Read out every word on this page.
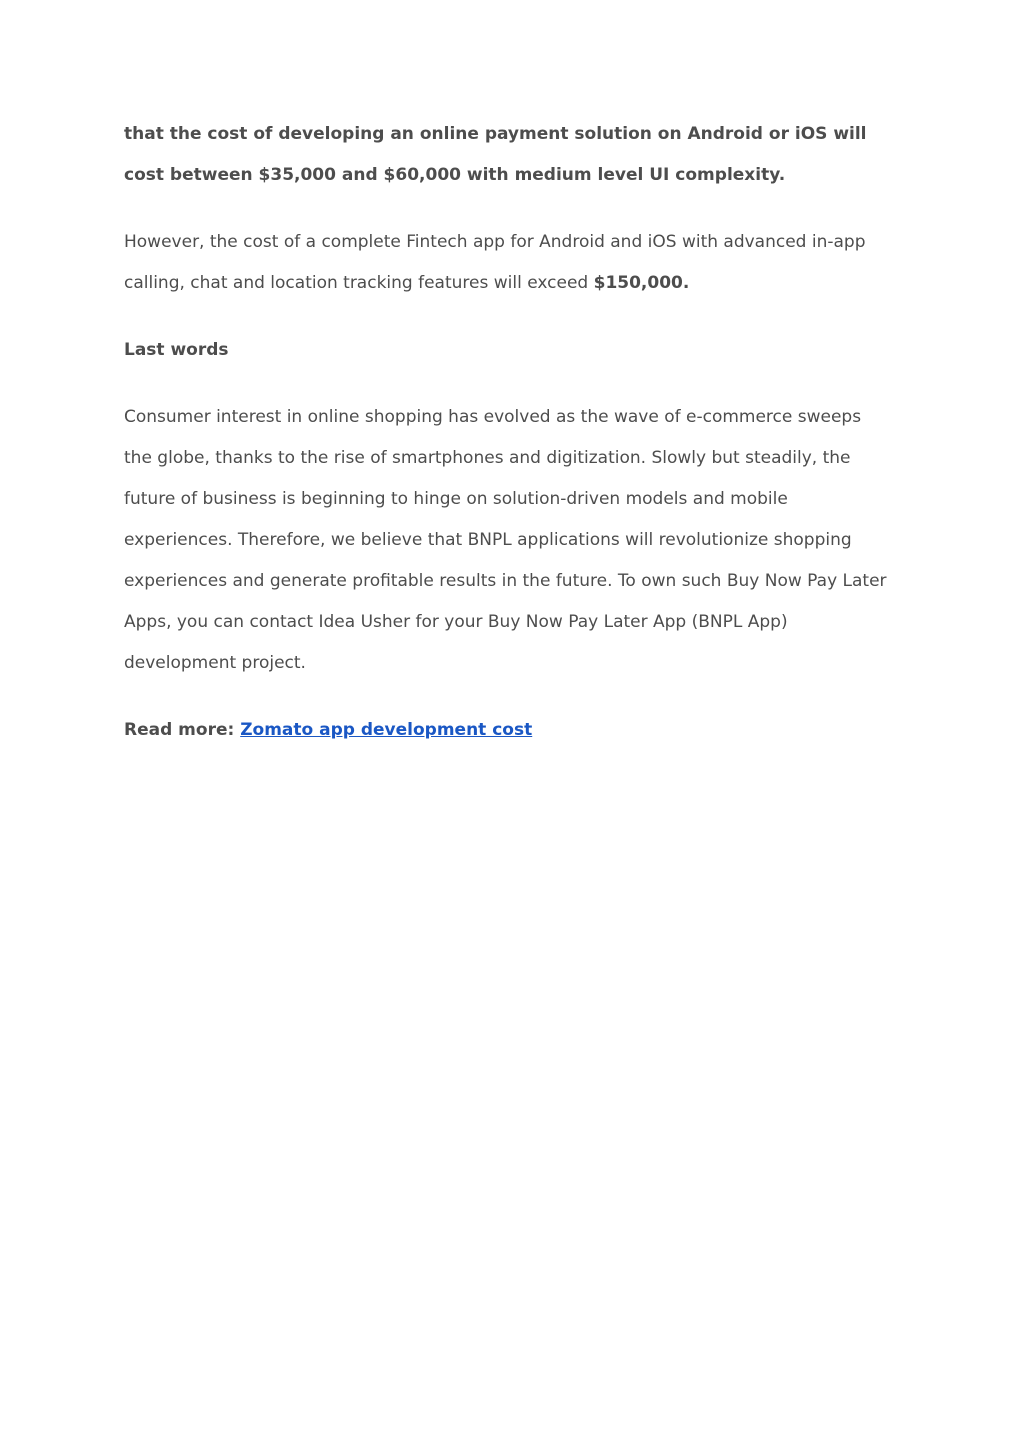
that the cost of developing an online payment solution on Android or iOS will cost between $35,000 and $60,000 with medium level UI complexity.

However, the cost of a complete Fintech app for Android and iOS with advanced in-app calling, chat and location tracking features will exceed $150,000.

Last words

Consumer interest in online shopping has evolved as the wave of e-commerce sweeps the globe, thanks to the rise of smartphones and digitization. Slowly but steadily, the future of business is beginning to hinge on solution-driven models and mobile experiences. Therefore, we believe that BNPL applications will revolutionize shopping experiences and generate profitable results in the future. To own such Buy Now Pay Later Apps, you can contact Idea Usher for your Buy Now Pay Later App (BNPL App) development project.

Read more: Zomato app development cost
